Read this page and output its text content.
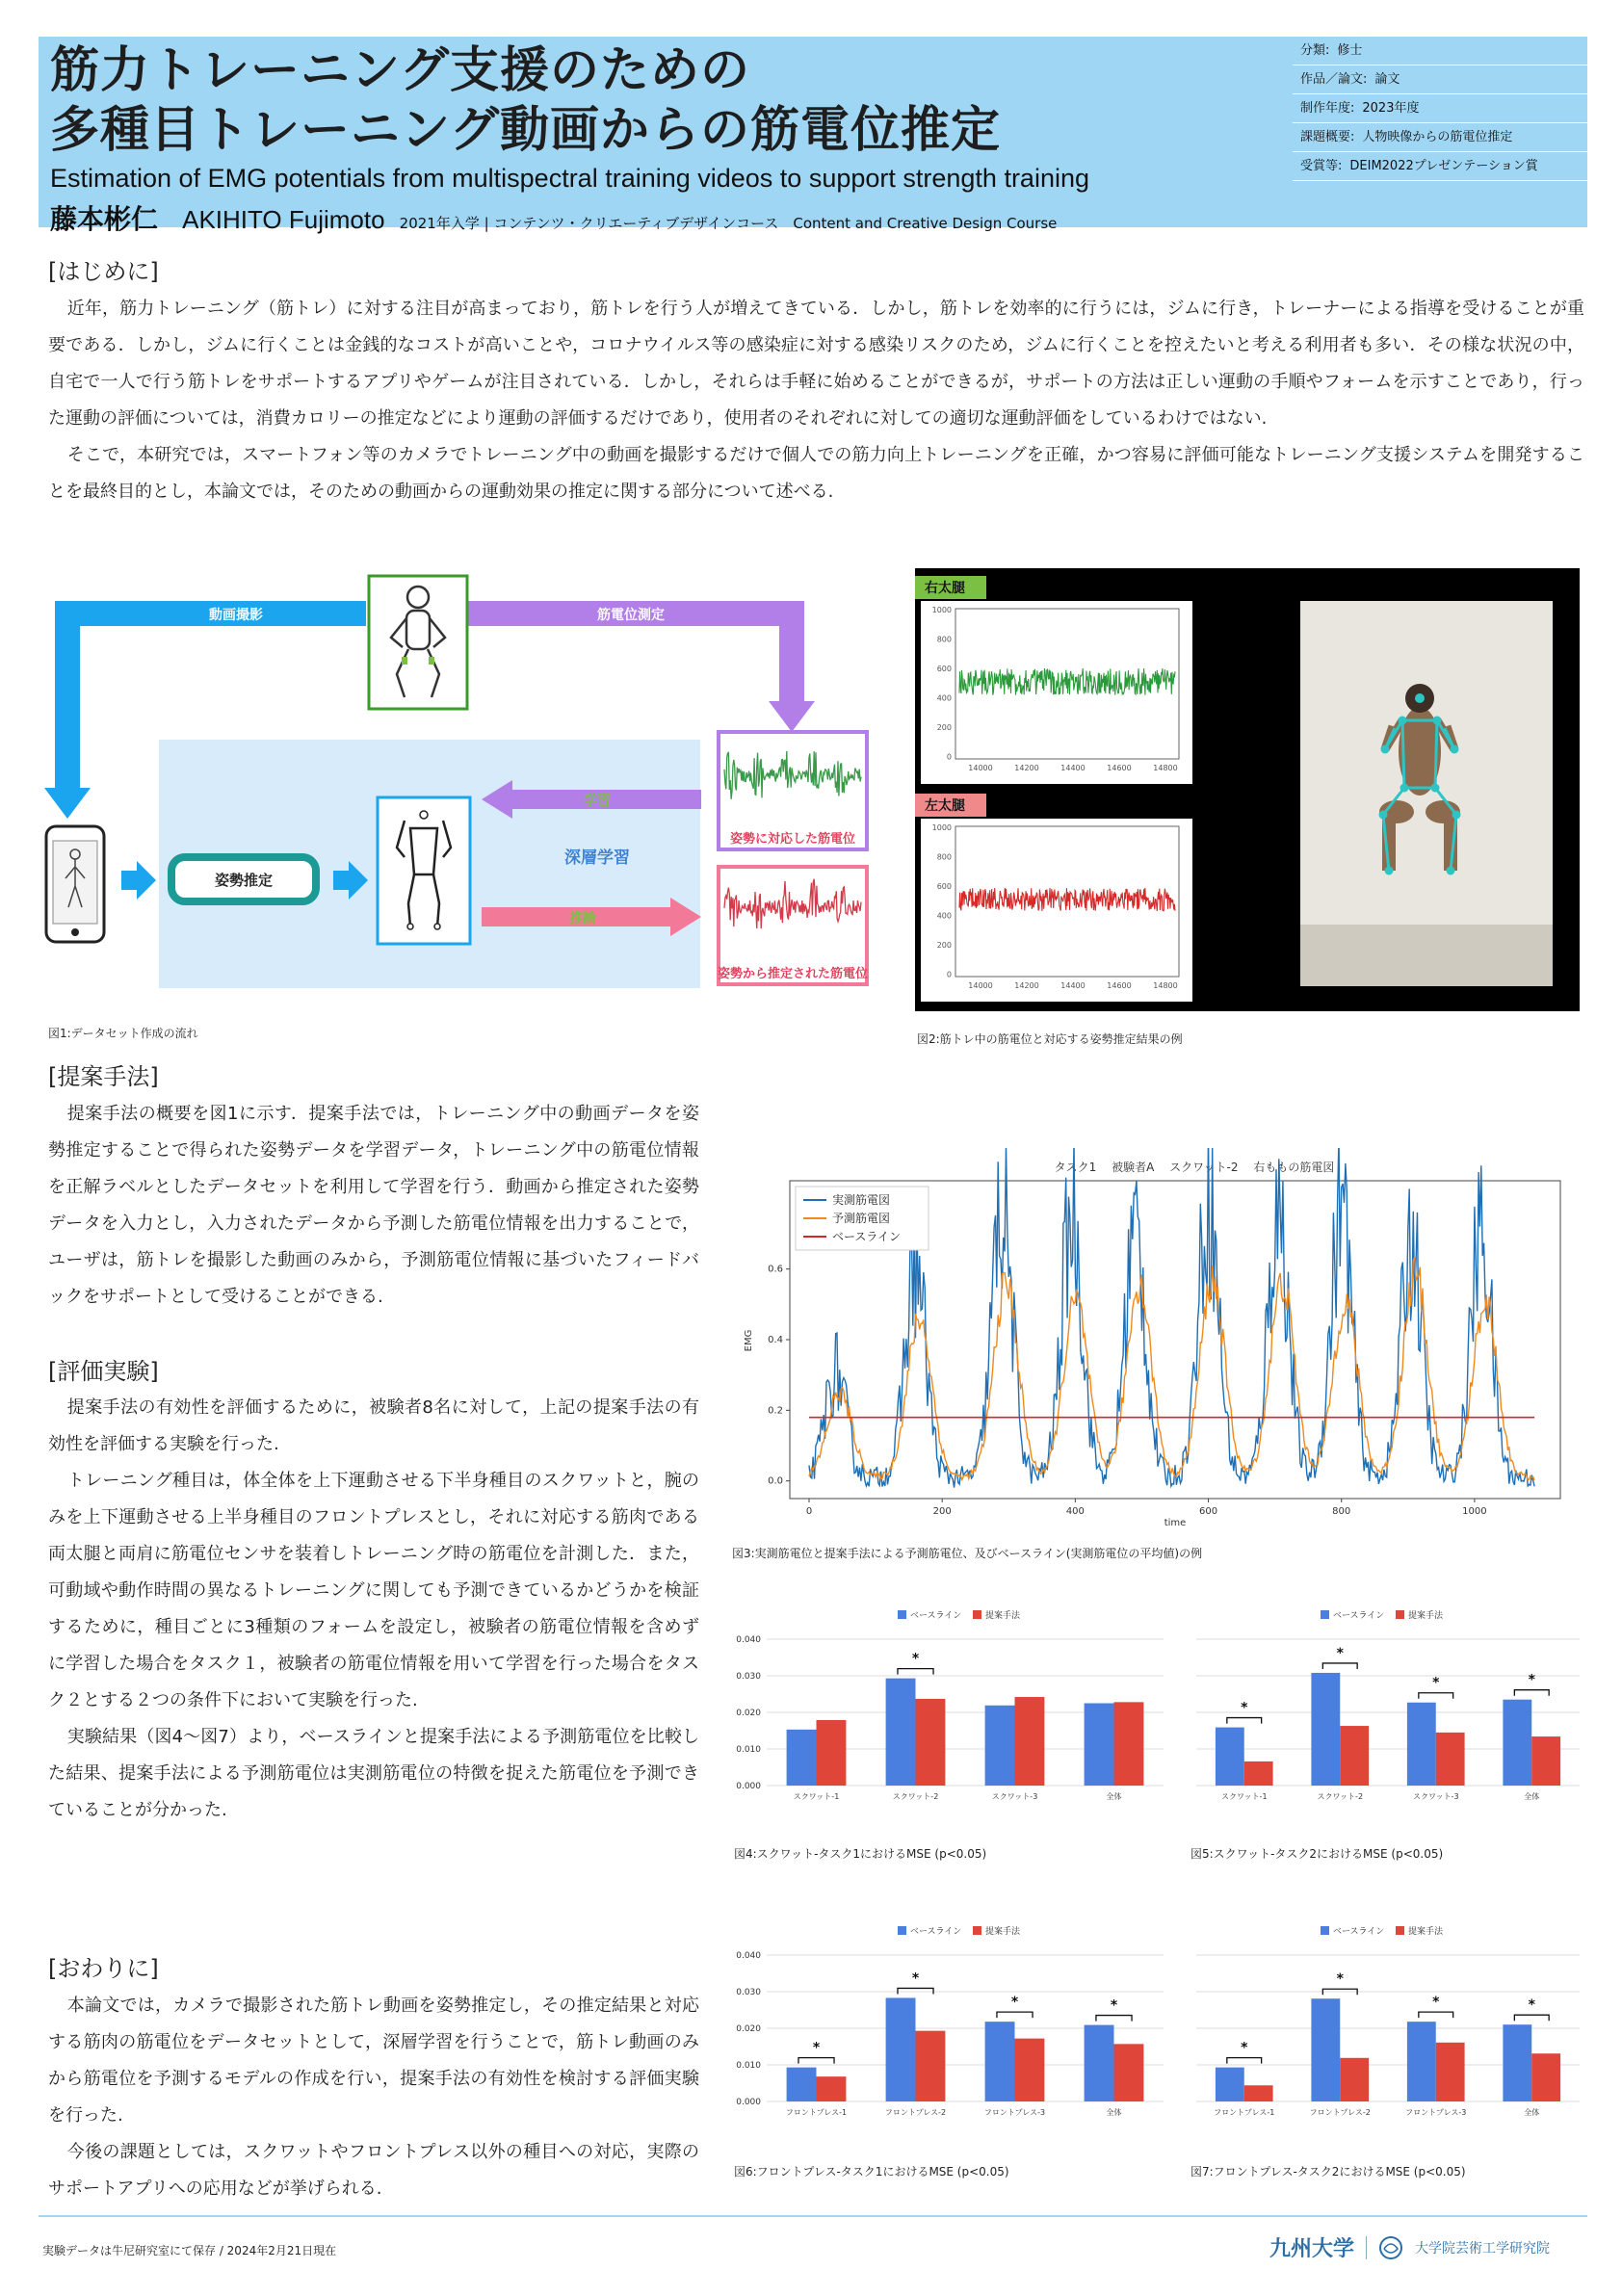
筋力トレーニング支援のための
多種目トレーニング動画からの筋電位推定
Estimation of EMG potentials from multispectral training videos to support strength training
藤本彬仁 AKIHITO Fujimoto 2021年入学 | コンテンツ・クリエーティブデザインコース　Content and Creative Design Course
分類: 修士
作品／論文: 論文
制作年度: 2023年度
課題概要: 人物映像からの筋電位推定
受賞等: DEIM2022プレゼンテーション賞
[はじめに]

近年，筋力トレーニング（筋トレ）に対する注目が高まっており，筋トレを行う人が増えてきている．しかし，筋トレを効率的に行うには，ジムに行き，トレーナーによる指導を受けることが重要である．しかし，ジムに行くことは金銭的なコストが高いことや，コロナウイルス等の感染症に対する感染リスクのため，ジムに行くことを控えたいと考える利用者も多い．その様な状況の中，自宅で一人で行う筋トレをサポートするアプリやゲームが注目されている．しかし，それらは手軽に始めることができるが，サポートの方法は正しい運動の手順やフォームを示すことであり，行った運動の評価については，消費カロリーの推定などにより運動の評価するだけであり，使用者のそれぞれに対しての適切な運動評価をしているわけではない.

そこで，本研究では，スマートフォン等のカメラでトレーニング中の動画を撮影するだけで個人での筋力向上トレーニングを正確，かつ容易に評価可能なトレーニング支援システムを開発することを最終目的とし，本論文では，そのための動画からの運動効果の推定に関する部分について述べる.

動画撮影	筋電位測定
姿勢推定
学習
深層学習
推論
姿勢に対応した筋電位
姿勢から推定された筋電位
図1:データセット作成の流れ
右太腿
1000
800
600
400
200
0
14000	14200	14400	14600	14800
左太腿
1000
800
600
400
200
0
14000	14200	14400	14600	14800
図2:筋トレ中の筋電位と対応する姿勢推定結果の例
[提案手法]

提案手法の概要を図1に示す．提案手法では，トレーニング中の動画データを姿勢推定することで得られた姿勢データを学習データ，トレーニング中の筋電位情報を正解ラベルとしたデータセットを利用して学習を行う．動画から推定された姿勢データを入力とし，入力されたデータから予測した筋電位情報を出力することで，ユーザは，筋トレを撮影した動画のみから，予測筋電位情報に基づいたフィードバックをサポートとして受けることができる.

[評価実験]

提案手法の有効性を評価するために，被験者8名に対して，上記の提案手法の有効性を評価する実験を行った.

トレーニング種目は，体全体を上下運動させる下半身種目のスクワットと，腕のみを上下運動させる上半身種目のフロントプレスとし，それに対応する筋肉である両太腿と両肩に筋電位センサを装着しトレーニング時の筋電位を計測した．また，可動域や動作時間の異なるトレーニングに関しても予測できているかどうかを検証するために，種目ごとに3種類のフォームを設定し，被験者の筋電位情報を含めずに学習した場合をタスク１，被験者の筋電位情報を用いて学習を行った場合をタスク２とする２つの条件下において実験を行った.

実験結果（図4〜図7）より，ベースラインと提案手法による予測筋電位を比較した結果、提案手法による予測筋電位は実測筋電位の特徴を捉えた筋電位を予測できていることが分かった.

[おわりに]

本論文では，カメラで撮影された筋トレ動画を姿勢推定し，その推定結果と対応する筋肉の筋電位をデータセットとして，深層学習を行うことで，筋トレ動画のみから筋電位を予測するモデルの作成を行い，提案手法の有効性を検討する評価実験を行った.

今後の課題としては，スクワットやフロントプレス以外の種目への対応，実際のサポートアプリへの応用などが挙げられる.

タスク1　 被験者A　 スクワット-2　 右ももの筋電図
0	200	400	600	800	1000
0.0
0.2
0.4
0.6
実測筋電図
予測筋電図
ベースライン
time
EMG
図3:実測筋電位と提案手法による予測筋電位、及びベースライン(実測筋電位の平均値)の例
ベースライン	提案手法
0.000
0.010
0.020
0.030
0.040
スクワット-1	スクワット-2
*
スクワット-3	全体
図4:スクワット-タスク1におけるMSE (p<0.05)
ベースライン	提案手法
スクワット-1
*
スクワット-2
*
スクワット-3
*
全体
*
図5:スクワット-タスク2におけるMSE (p<0.05)
ベースライン	提案手法
0.000
0.010
0.020
0.030
0.040
フロントプレス-1
*
フロントプレス-2
*
フロントプレス-3
*
全体
*
図6:フロントプレス-タスク1におけるMSE (p<0.05)
ベースライン	提案手法
フロントプレス-1
*
フロントプレス-2
*
フロントプレス-3
*
全体
*
図7:フロントプレス-タスク2におけるMSE (p<0.05)
実験データは牛尼研究室にて保存 / 2024年2月21日現在	九州大学	大学院芸術工学研究院
